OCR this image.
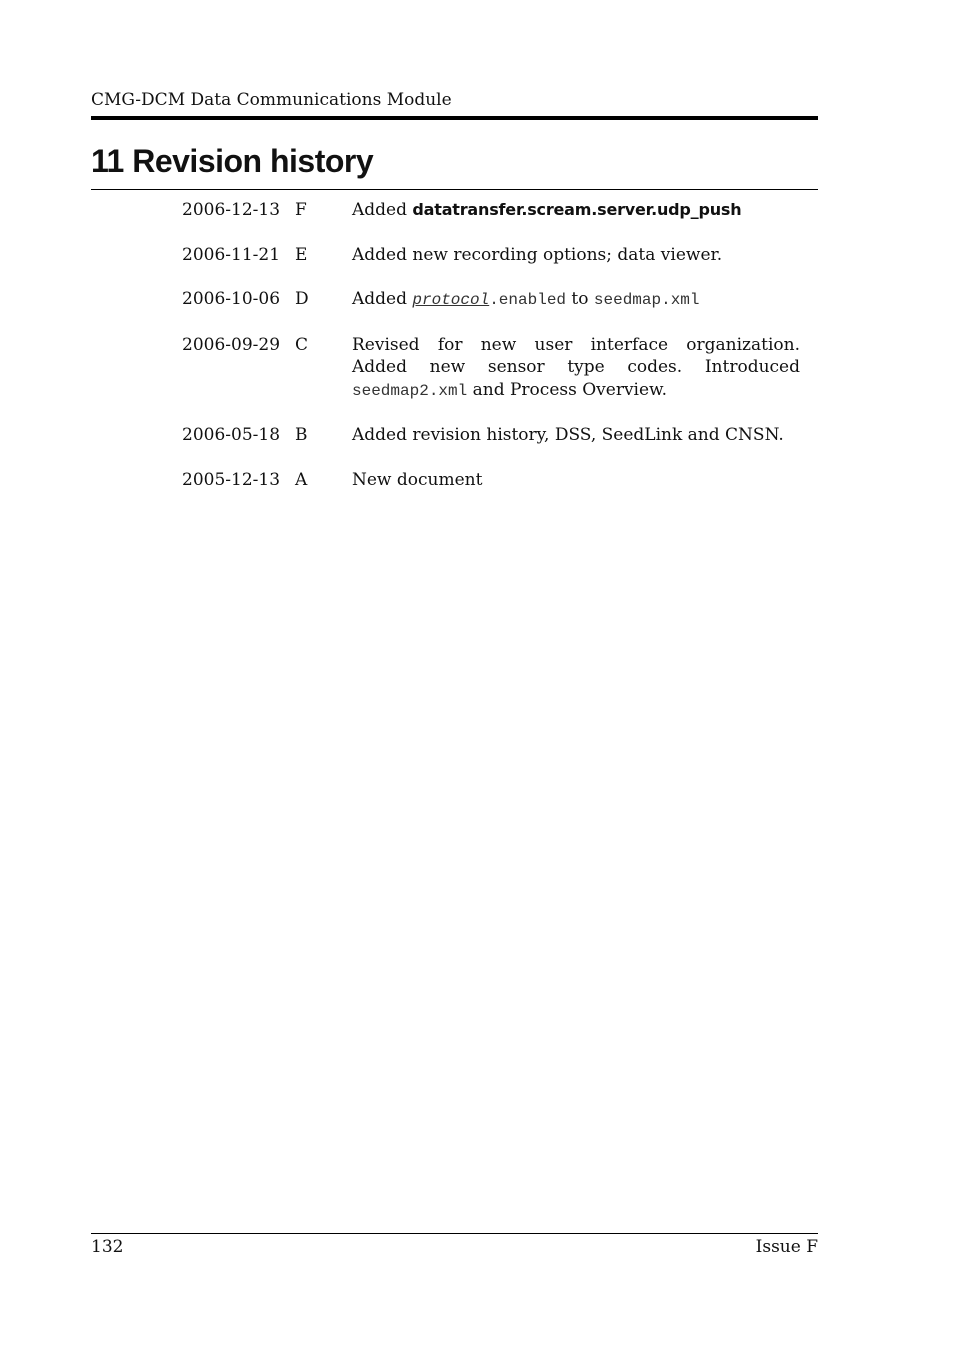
CMG-DCM Data Communications Module
11 Revision history
2006-12-13 F	Added datatransfer.scream.server.udp_push
2006-11-21 E	Added new recording options; data viewer.
2006-10-06 D	Added protocol.enabled to seedmap.xml
2006-09-29 C	Revised for new user interface organization.
Added new sensor type codes. Introduced
seedmap2.xml and Process Overview.
2006-05-18 B	Added revision history, DSS, SeedLink and CNSN.
2005-12-13 A	New document
132	Issue F
